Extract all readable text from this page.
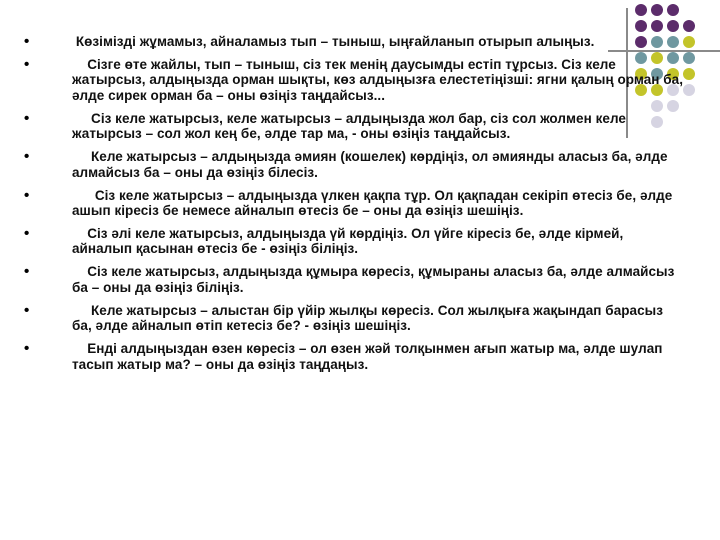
•	Көзімізді жұмамыз, айналамыз тып – тыныш, ыңғайланып отырып алыңыз.
•	Сізге өте жайлы, тып – тыныш, сіз тек менің даусымды естіп тұрсыз. Сіз келе жатырсыз, алдыңызда орман шықты, көз алдыңызға елестетіңізші: ягни қалың орман ба, әлде сирек орман ба – оны өзіңіз таңдайсыз...
•	Сіз келе жатырсыз, келе жатырсыз – алдыңызда жол бар, сіз сол жолмен келе жатырсыз – сол жол кең бе, әлде тар ма, - оны өзіңіз таңдайсыз.
•	Келе жатырсыз – алдыңызда әмиян (кошелек) көрдіңіз, ол әмиянды аласыз ба, әлде алмайсыз ба – оны да өзіңіз білесіз.
•	Сіз келе жатырсыз – алдыңызда үлкен қақпа тұр. Ол қақпадан секіріп өтесіз бе, әлде ашып кіресіз бе немесе айналып өтесіз бе – оны да өзіңіз шешіңіз.
•	Сіз әлі келе жатырсыз, алдыңызда үй көрдіңіз. Ол үйге кіресіз бе, әлде кірмей, айналып қасынан өтесіз бе - өзіңіз біліңіз.
•	Сіз келе жатырсыз, алдыңызда құмыра көресіз, құмыраны аласыз ба, әлде алмайсыз ба – оны да өзіңіз біліңіз.
•	Келе жатырсыз – алыстан бір үйір жылқы көресіз. Сол жылқыға жақындап барасыз ба, әлде айналып өтіп кетесіз бе? - өзіңіз шешіңіз.
•	Енді алдыңыздан өзен көресіз – ол өзен жәй толқынмен ағып жатыр ма, әлде шулап тасып жатыр ма? – оны да өзіңіз таңдаңыз.
